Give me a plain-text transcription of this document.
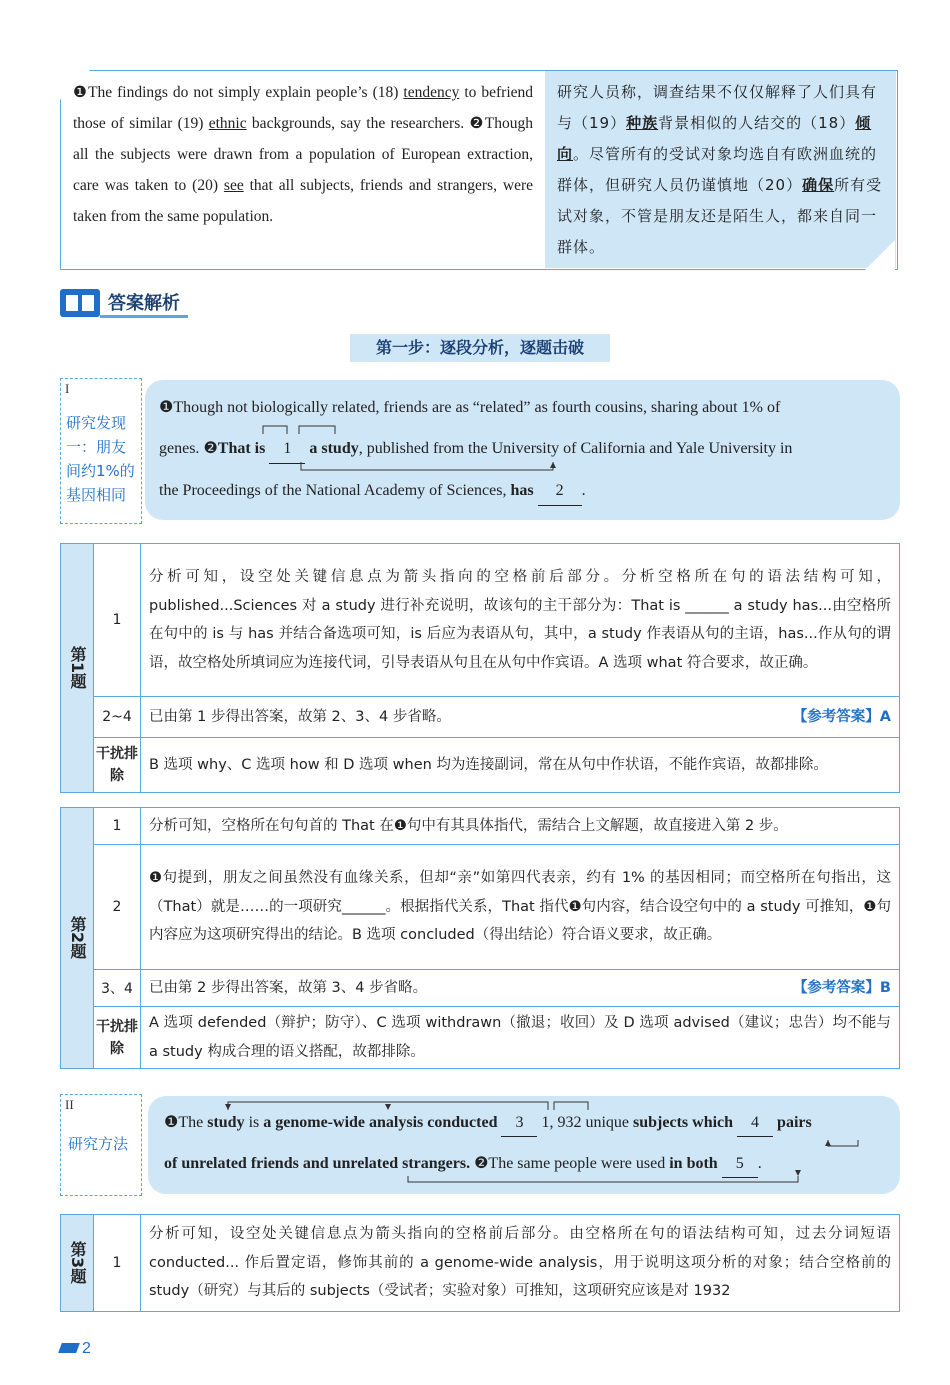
❶The findings do not simply explain people’s (18) tendency to befriend those of similar (19) ethnic backgrounds, say the researchers. ❷Though all the subjects were drawn from a population of European extraction, care was taken to (20) see that all subjects, friends and strangers, were taken from the same population.
研究人员称，调查结果不仅仅解释了人们具有与（19）种族背景相似的人结交的（18）倾向。尽管所有的受试对象均选自有欧洲血统的群体，但研究人员仍谨慎地（20）确保所有受试对象，不管是朋友还是陌生人，都来自同一群体。
答案解析
第一步：逐段分析，逐题击破
I
研究发现一：朋友间约1%的基因相同
❶Though not biologically related, friends are as “related” as fourth cousins, sharing about 1% of
genes. ❷That is 1 a study, published from the University of California and Yale University in
the Proceedings of the National Academy of Sciences, has 2 .
第1题	1	分析可知，设空处关键信息点为箭头指向的空格前后部分。分析空格所在句的语法结构可知，published...Sciences 对 a study 进行补充说明，故该句的主干部分为：That is ______ a study has...由空格所在句中的 is 与 has 并结合备选项可知，is 后应为表语从句，其中，a study 作表语从句的主语，has...作从句的谓语，故空格处所填词应为连接代词，引导表语从句且在从句中作宾语。A 选项 what 符合要求，故正确。
	2~4	已由第 1 步得出答案，故第 2、3、4 步省略。 【参考答案】A

	干扰排除	B 选项 why、C 选项 how 和 D 选项 when 均为连接副词，常在从句中作状语，不能作宾语，故都排除。
第2题	1	分析可知，空格所在句句首的 That 在❶句中有其具体指代，需结合上文解题，故直接进入第 2 步。
	2	❶句提到，朋友之间虽然没有血缘关系，但却“亲”如第四代表亲，约有 1% 的基因相同；而空格所在句指出，这（That）就是……的一项研究______。根据指代关系，That 指代❶句内容，结合设空句中的 a study 可推知，❶句内容应为这项研究得出的结论。B 选项 concluded（得出结论）符合语义要求，故正确。
	3、4	已由第 2 步得出答案，故第 3、4 步省略。 【参考答案】B

	干扰排除	A 选项 defended（辩护；防守）、C 选项 withdrawn（撤退；收回）及 D 选项 advised（建议；忠告）均不能与 a study 构成合理的语义搭配，故都排除。
II
研究方法
❶The study is a genome-wide analysis conducted 3 1, 932 unique subjects which 4 pairs
of unrelated friends and unrelated strangers. ❷The same people were used in both 5 .
第3题	1	分析可知，设空处关键信息点为箭头指向的空格前后部分。由空格所在句的语法结构可知，过去分词短语 conducted... 作后置定语，修饰其前的 a genome-wide analysis，用于说明这项分析的对象；结合空格前的 study（研究）与其后的 subjects（受试者；实验对象）可推知，这项研究应该是对 1932
2
